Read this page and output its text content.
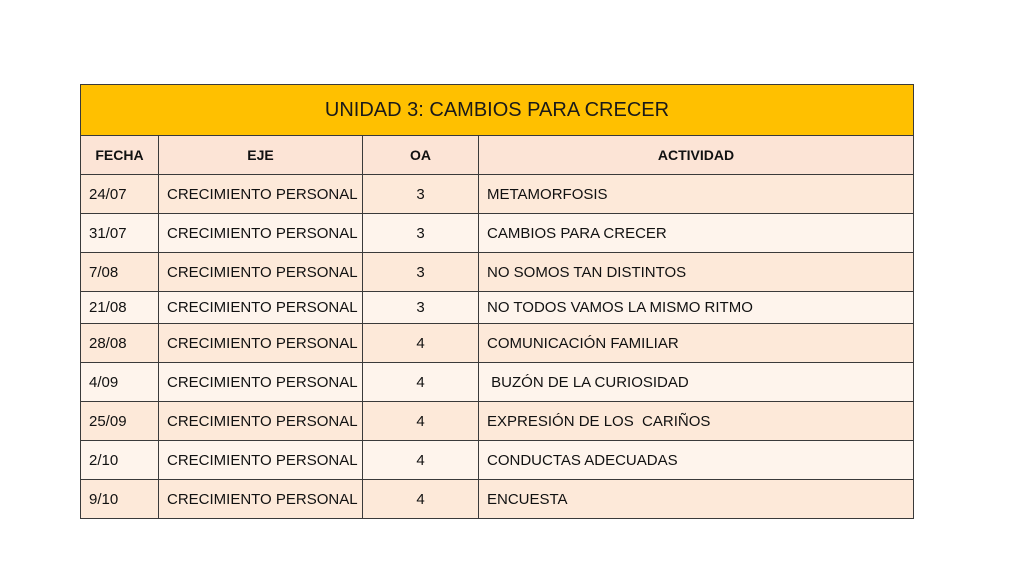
UNIDAD 3: CAMBIOS PARA CRECER			
FECHA	EJE	OA	ACTIVIDAD
24/07	CRECIMIENTO PERSONAL	3	METAMORFOSIS
31/07	CRECIMIENTO PERSONAL	3	CAMBIOS PARA CRECER
7/08	CRECIMIENTO PERSONAL	3	NO SOMOS TAN DISTINTOS
21/08	CRECIMIENTO PERSONAL	3	NO TODOS VAMOS LA MISMO RITMO
28/08	CRECIMIENTO PERSONAL	4	COMUNICACIÓN FAMILIAR
4/09	CRECIMIENTO PERSONAL	4	BUZÓN DE LA CURIOSIDAD
25/09	CRECIMIENTO PERSONAL	4	EXPRESIÓN DE LOS  CARIÑOS
2/10	CRECIMIENTO PERSONAL	4	CONDUCTAS ADECUADAS
9/10	CRECIMIENTO PERSONAL	4	ENCUESTA
